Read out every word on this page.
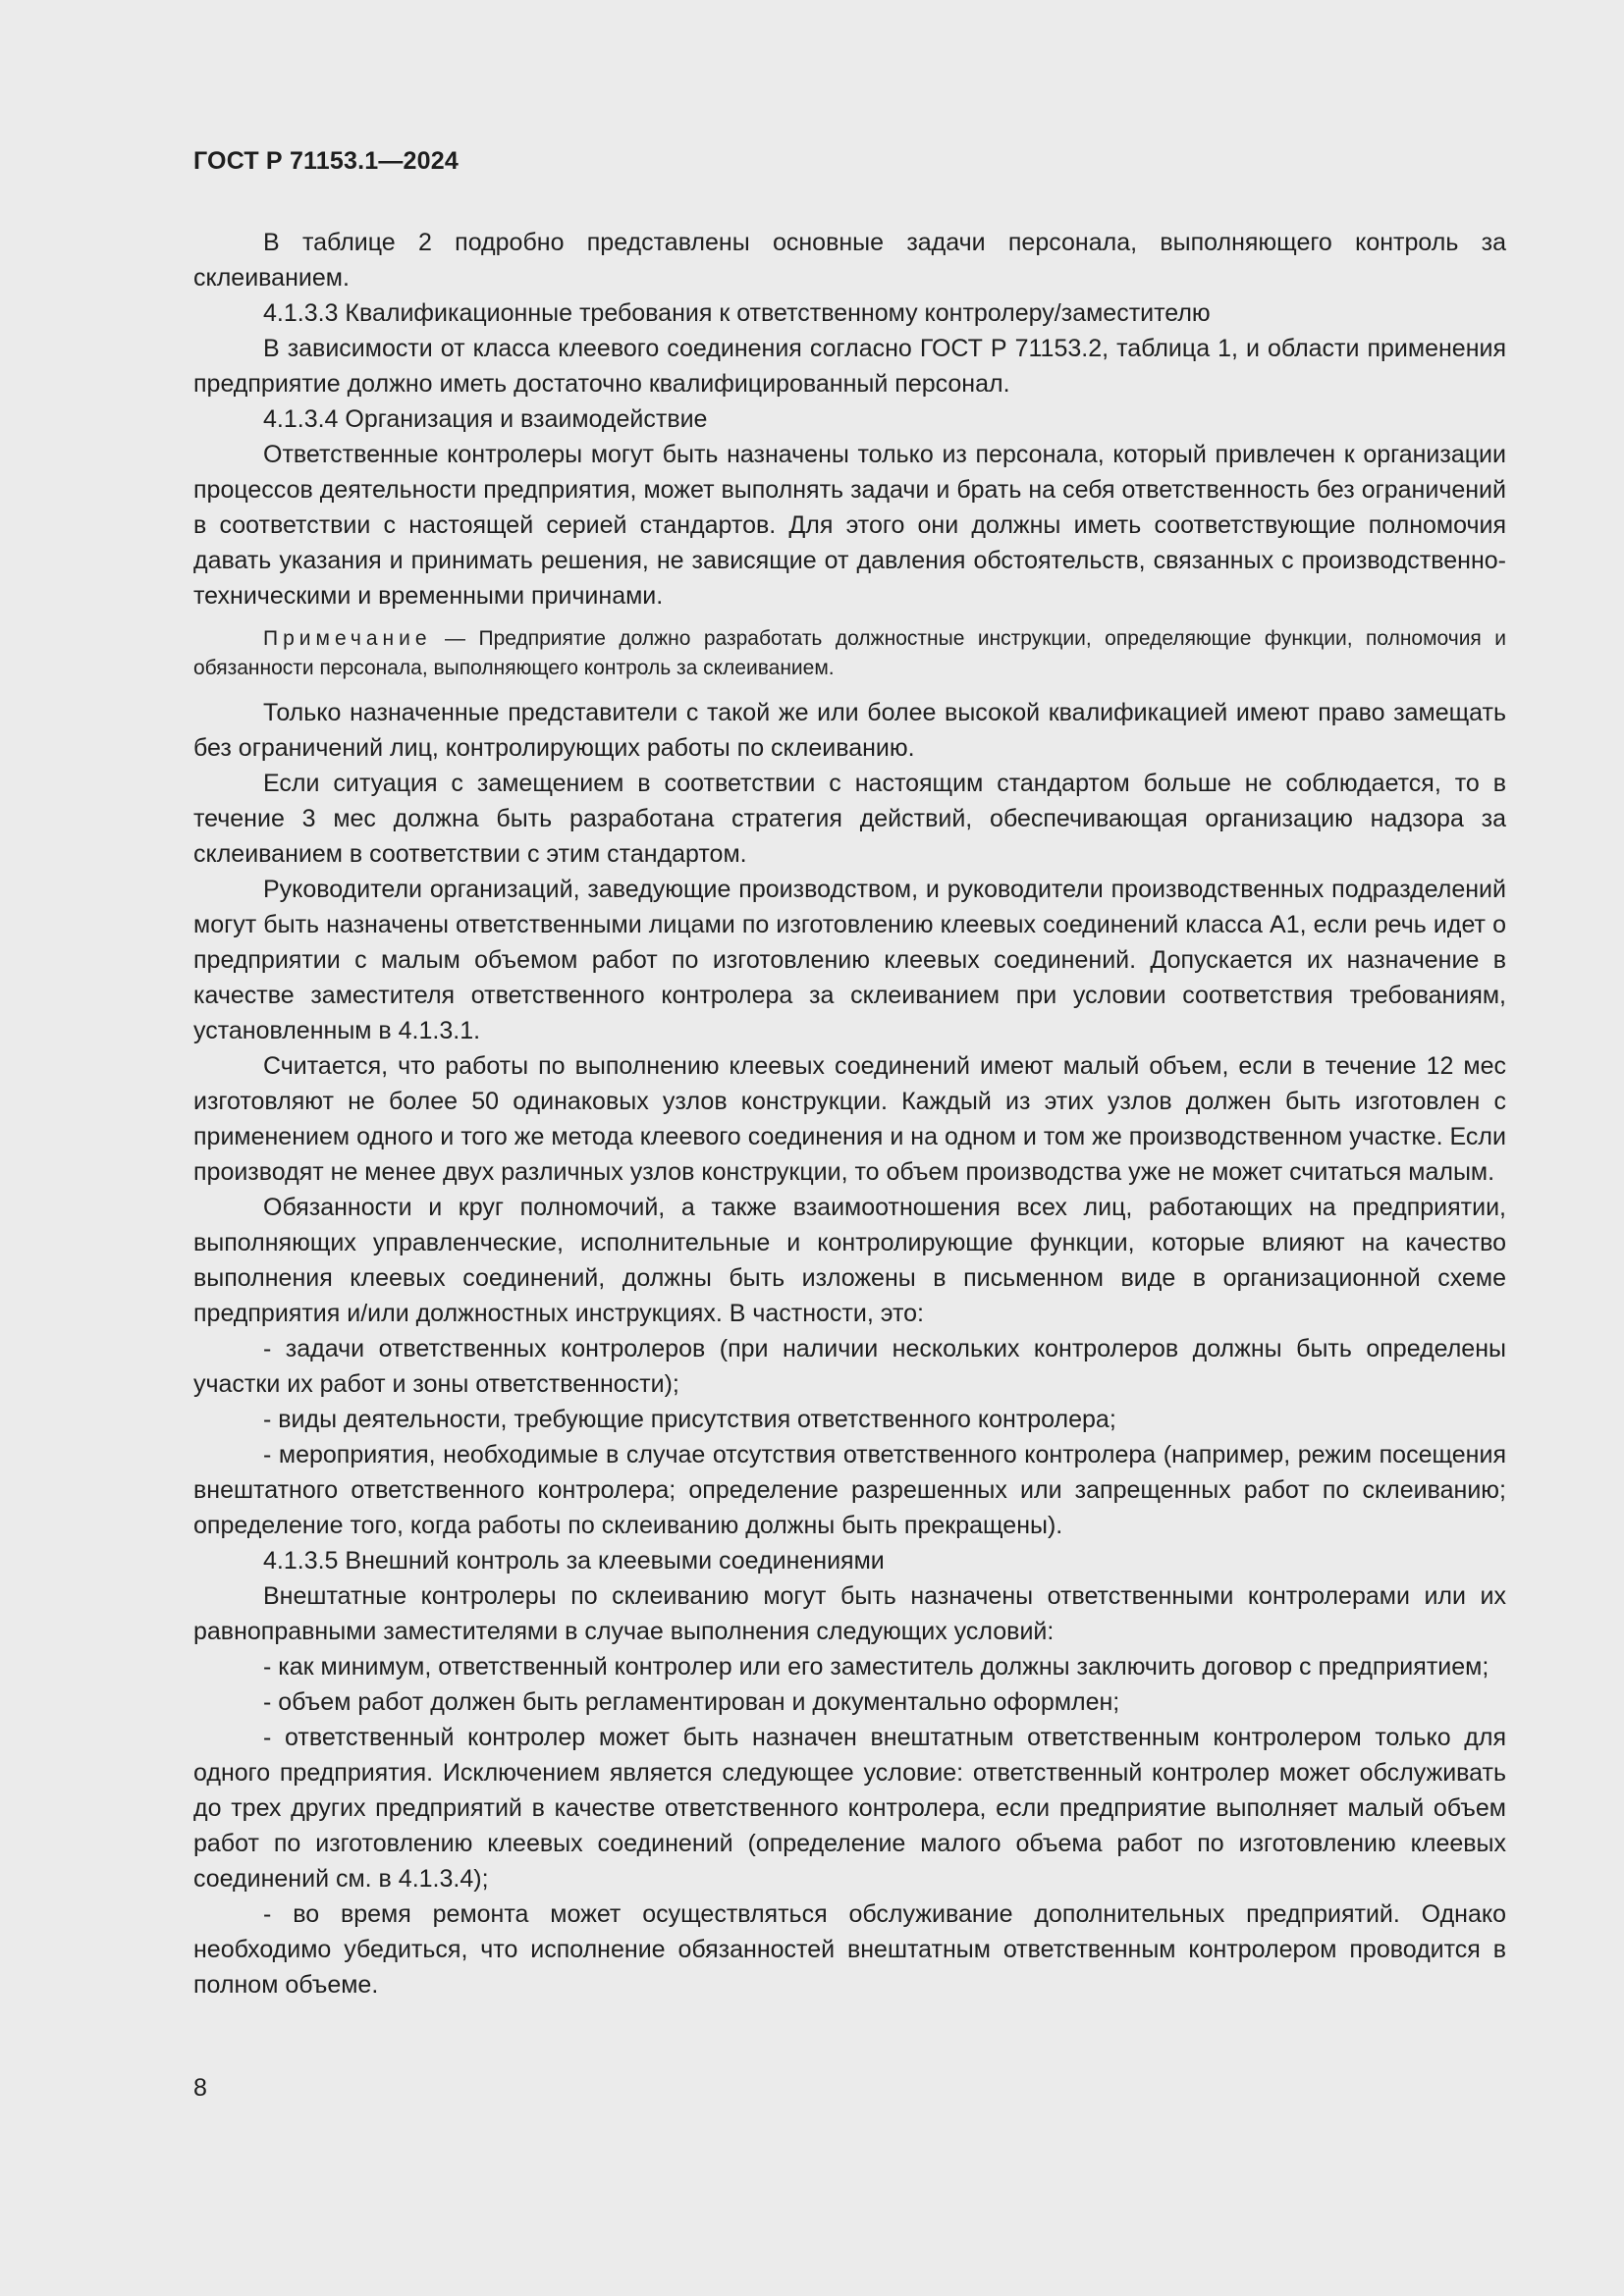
ГОСТ Р 71153.1—2024

В таблице 2 подробно представлены основные задачи персонала, выполняющего контроль за склеиванием.

4.1.3.3 Квалификационные требования к ответственному контролеру/заместителю

В зависимости от класса клеевого соединения согласно ГОСТ Р 71153.2, таблица 1, и области применения предприятие должно иметь достаточно квалифицированный персонал.

4.1.3.4 Организация и взаимодействие

Ответственные контролеры могут быть назначены только из персонала, который привлечен к организации процессов деятельности предприятия, может выполнять задачи и брать на себя ответственность без ограничений в соответствии с настоящей серией стандартов. Для этого они должны иметь соответствующие полномочия давать указания и принимать решения, не зависящие от давления обстоятельств, связанных с производственно-техническими и временными причинами.

Примечание — Предприятие должно разработать должностные инструкции, определяющие функции, полномочия и обязанности персонала, выполняющего контроль за склеиванием.

Только назначенные представители с такой же или более высокой квалификацией имеют право замещать без ограничений лиц, контролирующих работы по склеиванию.

Если ситуация с замещением в соответствии с настоящим стандартом больше не соблюдается, то в течение 3 мес должна быть разработана стратегия действий, обеспечивающая организацию надзора за склеиванием в соответствии с этим стандартом.

Руководители организаций, заведующие производством, и руководители производственных подразделений могут быть назначены ответственными лицами по изготовлению клеевых соединений класса А1, если речь идет о предприятии с малым объемом работ по изготовлению клеевых соединений. Допускается их назначение в качестве заместителя ответственного контролера за склеиванием при условии соответствия требованиям, установленным в 4.1.3.1.

Считается, что работы по выполнению клеевых соединений имеют малый объем, если в течение 12 мес изготовляют не более 50 одинаковых узлов конструкции. Каждый из этих узлов должен быть изготовлен с применением одного и того же метода клеевого соединения и на одном и том же производственном участке. Если производят не менее двух различных узлов конструкции, то объем производства уже не может считаться малым.

Обязанности и круг полномочий, а также взаимоотношения всех лиц, работающих на предприятии, выполняющих управленческие, исполнительные и контролирующие функции, которые влияют на качество выполнения клеевых соединений, должны быть изложены в письменном виде в организационной схеме предприятия и/или должностных инструкциях. В частности, это:

- задачи ответственных контролеров (при наличии нескольких контролеров должны быть определены участки их работ и зоны ответственности);

- виды деятельности, требующие присутствия ответственного контролера;

- мероприятия, необходимые в случае отсутствия ответственного контролера (например, режим посещения внештатного ответственного контролера; определение разрешенных или запрещенных работ по склеиванию; определение того, когда работы по склеиванию должны быть прекращены).

4.1.3.5 Внешний контроль за клеевыми соединениями

Внештатные контролеры по склеиванию могут быть назначены ответственными контролерами или их равноправными заместителями в случае выполнения следующих условий:

- как минимум, ответственный контролер или его заместитель должны заключить договор с предприятием;

- объем работ должен быть регламентирован и документально оформлен;

- ответственный контролер может быть назначен внештатным ответственным контролером только для одного предприятия. Исключением является следующее условие: ответственный контролер может обслуживать до трех других предприятий в качестве ответственного контролера, если предприятие выполняет малый объем работ по изготовлению клеевых соединений (определение малого объема работ по изготовлению клеевых соединений см. в 4.1.3.4);

- во время ремонта может осуществляться обслуживание дополнительных предприятий. Однако необходимо убедиться, что исполнение обязанностей внештатным ответственным контролером проводится в полном объеме.

8
